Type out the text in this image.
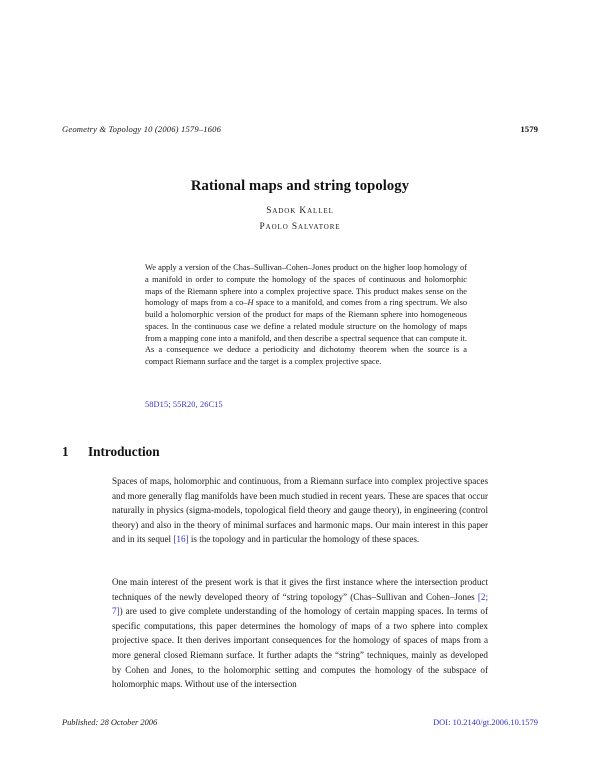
Geometry & Topology 10 (2006) 1579–1606	1579
Rational maps and string topology
Sadok Kallel
Paolo Salvatore

We apply a version of the Chas–Sullivan–Cohen–Jones product on the higher loop homology of a manifold in order to compute the homology of the spaces of continuous and holomorphic maps of the Riemann sphere into a complex projective space. This product makes sense on the homology of maps from a co–H space to a manifold, and comes from a ring spectrum. We also build a holomorphic version of the product for maps of the Riemann sphere into homogeneous spaces. In the continuous case we define a related module structure on the homology of maps from a mapping cone into a manifold, and then describe a spectral sequence that can compute it. As a consequence we deduce a periodicity and dichotomy theorem when the source is a compact Riemann surface and the target is a complex projective space.

58D15; 55R20, 26C15
1 Introduction

Spaces of maps, holomorphic and continuous, from a Riemann surface into complex projective spaces and more generally flag manifolds have been much studied in recent years. These are spaces that occur naturally in physics (sigma-models, topological field theory and gauge theory), in engineering (control theory) and also in the theory of minimal surfaces and harmonic maps. Our main interest in this paper and in its sequel [16] is the topology and in particular the homology of these spaces.

One main interest of the present work is that it gives the first instance where the intersection product techniques of the newly developed theory of “string topology” (Chas–Sullivan and Cohen–Jones [2; 7]) are used to give complete understanding of the homology of certain mapping spaces. In terms of specific computations, this paper determines the homology of maps of a two sphere into complex projective space. It then derives important consequences for the homology of spaces of maps from a more general closed Riemann surface. It further adapts the “string” techniques, mainly as developed by Cohen and Jones, to the holomorphic setting and computes the homology of the subspace of holomorphic maps. Without use of the intersection

Published: 28 October 2006	DOI: 10.2140/gt.2006.10.1579
